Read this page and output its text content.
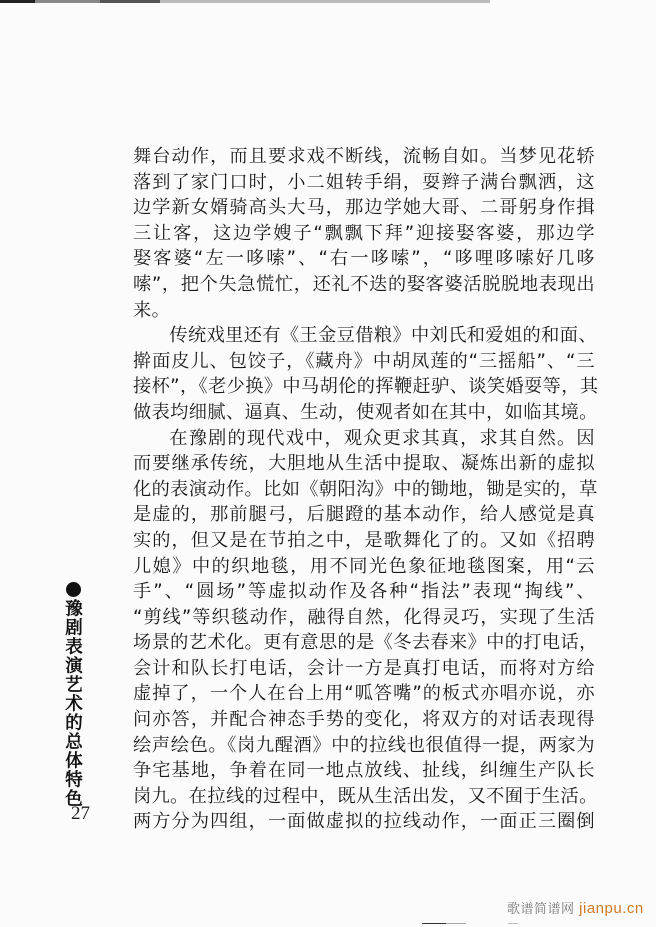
舞台动作，而且要求戏不断线，流畅自如。当梦见花轿
落到了家门口时，小二姐转手绢，耍辫子满台飘洒，这
边学新女婿骑高头大马，那边学她大哥、二哥躬身作揖
三让客，这边学嫂子“飘飘下拜”迎接娶客婆，那边学
娶客婆“左一哆嗦”、“右一哆嗦”，“哆哩哆嗦好几哆
嗦”，把个失急慌忙，还礼不迭的娶客婆活脱脱地表现出
来。

传统戏里还有《王金豆借粮》中刘氏和爱姐的和面、
擀面皮儿、包饺子，《藏舟》中胡凤莲的“三摇船”、“三
接杯”，《老少换》中马胡伦的挥鞭赶驴、谈笑婚耍等，其
做表均细腻、逼真、生动，使观者如在其中，如临其境。

在豫剧的现代戏中，观众更求其真，求其自然。因
而要继承传统，大胆地从生活中提取、凝炼出新的虚拟
化的表演动作。比如《朝阳沟》中的锄地，锄是实的，草
是虚的，那前腿弓，后腿蹬的基本动作，给人感觉是真
实的，但又是在节拍之中，是歌舞化了的。又如《招聘
儿媳》中的织地毯，用不同光色象征地毯图案，用“云
手”、“圆场”等虚拟动作及各种“指法”表现“掏线”、
“剪线”等织毯动作，融得自然，化得灵巧，实现了生活
场景的艺术化。更有意思的是《冬去春来》中的打电话，
会计和队长打电话，会计一方是真打电话，而将对方给
虚掉了，一个人在台上用“呱答嘴”的板式亦唱亦说，亦
问亦答，并配合神态手势的变化，将双方的对话表现得
绘声绘色。《岗九醒酒》中的拉线也很值得一提，两家为
争宅基地，争着在同一地点放线、扯线，纠缠生产队长
岗九。在拉线的过程中，既从生活出发，又不囿于生活。
两方分为四组，一面做虚拟的拉线动作，一面正三圈倒

豫剧表演艺术的总体特色
27
歌谱简谱网 jianpu.cn
